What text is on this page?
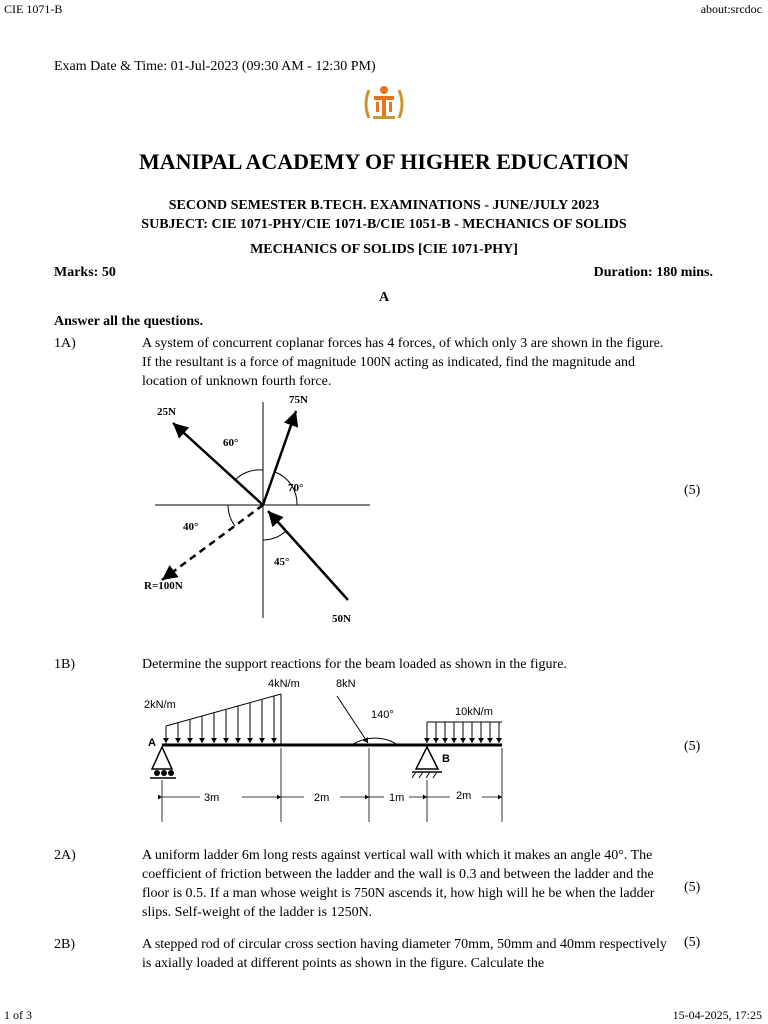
CIE 1071-B	about:srcdoc
1 of 3	15-04-2025, 17:25
Exam Date & Time: 01-Jul-2023 (09:30 AM - 12:30 PM)
MANIPAL ACADEMY OF HIGHER EDUCATION
SECOND SEMESTER B.TECH. EXAMINATIONS - JUNE/JULY 2023
SUBJECT: CIE 1071-PHY/CIE 1071-B/CIE 1051-B - MECHANICS OF SOLIDS
MECHANICS OF SOLIDS [CIE 1071-PHY]
Marks: 50	Duration: 180 mins.
A
Answer all the questions.
1A)	A system of concurrent coplanar forces has 4 forces, of which only 3 are shown in the figure. If the resultant is a force of magnitude 100N acting as indicated, find the magnitude and location of unknown fourth force.
(5)
25N
75N
50N
R=100N
60°
70°
40°
45°
1B)	Determine the support reactions for the beam loaded as shown in the figure.
(5)
2kN/m
4kN/m	8kN
140°	10kN/m
A
B
3m	2m	1m	2m
2A)	A uniform ladder 6m long rests against vertical wall with which it makes an angle 40°. The coefficient of friction between the ladder and the wall is 0.3 and between the ladder and the floor is 0.5. If a man whose weight is 750N ascends it, how high will he be when the ladder slips. Self-weight of the ladder is 1250N.
(5)
2B)	A stepped rod of circular cross section having diameter 70mm, 50mm and 40mm respectively is axially loaded at different points as shown in the figure. Calculate the
(5)
